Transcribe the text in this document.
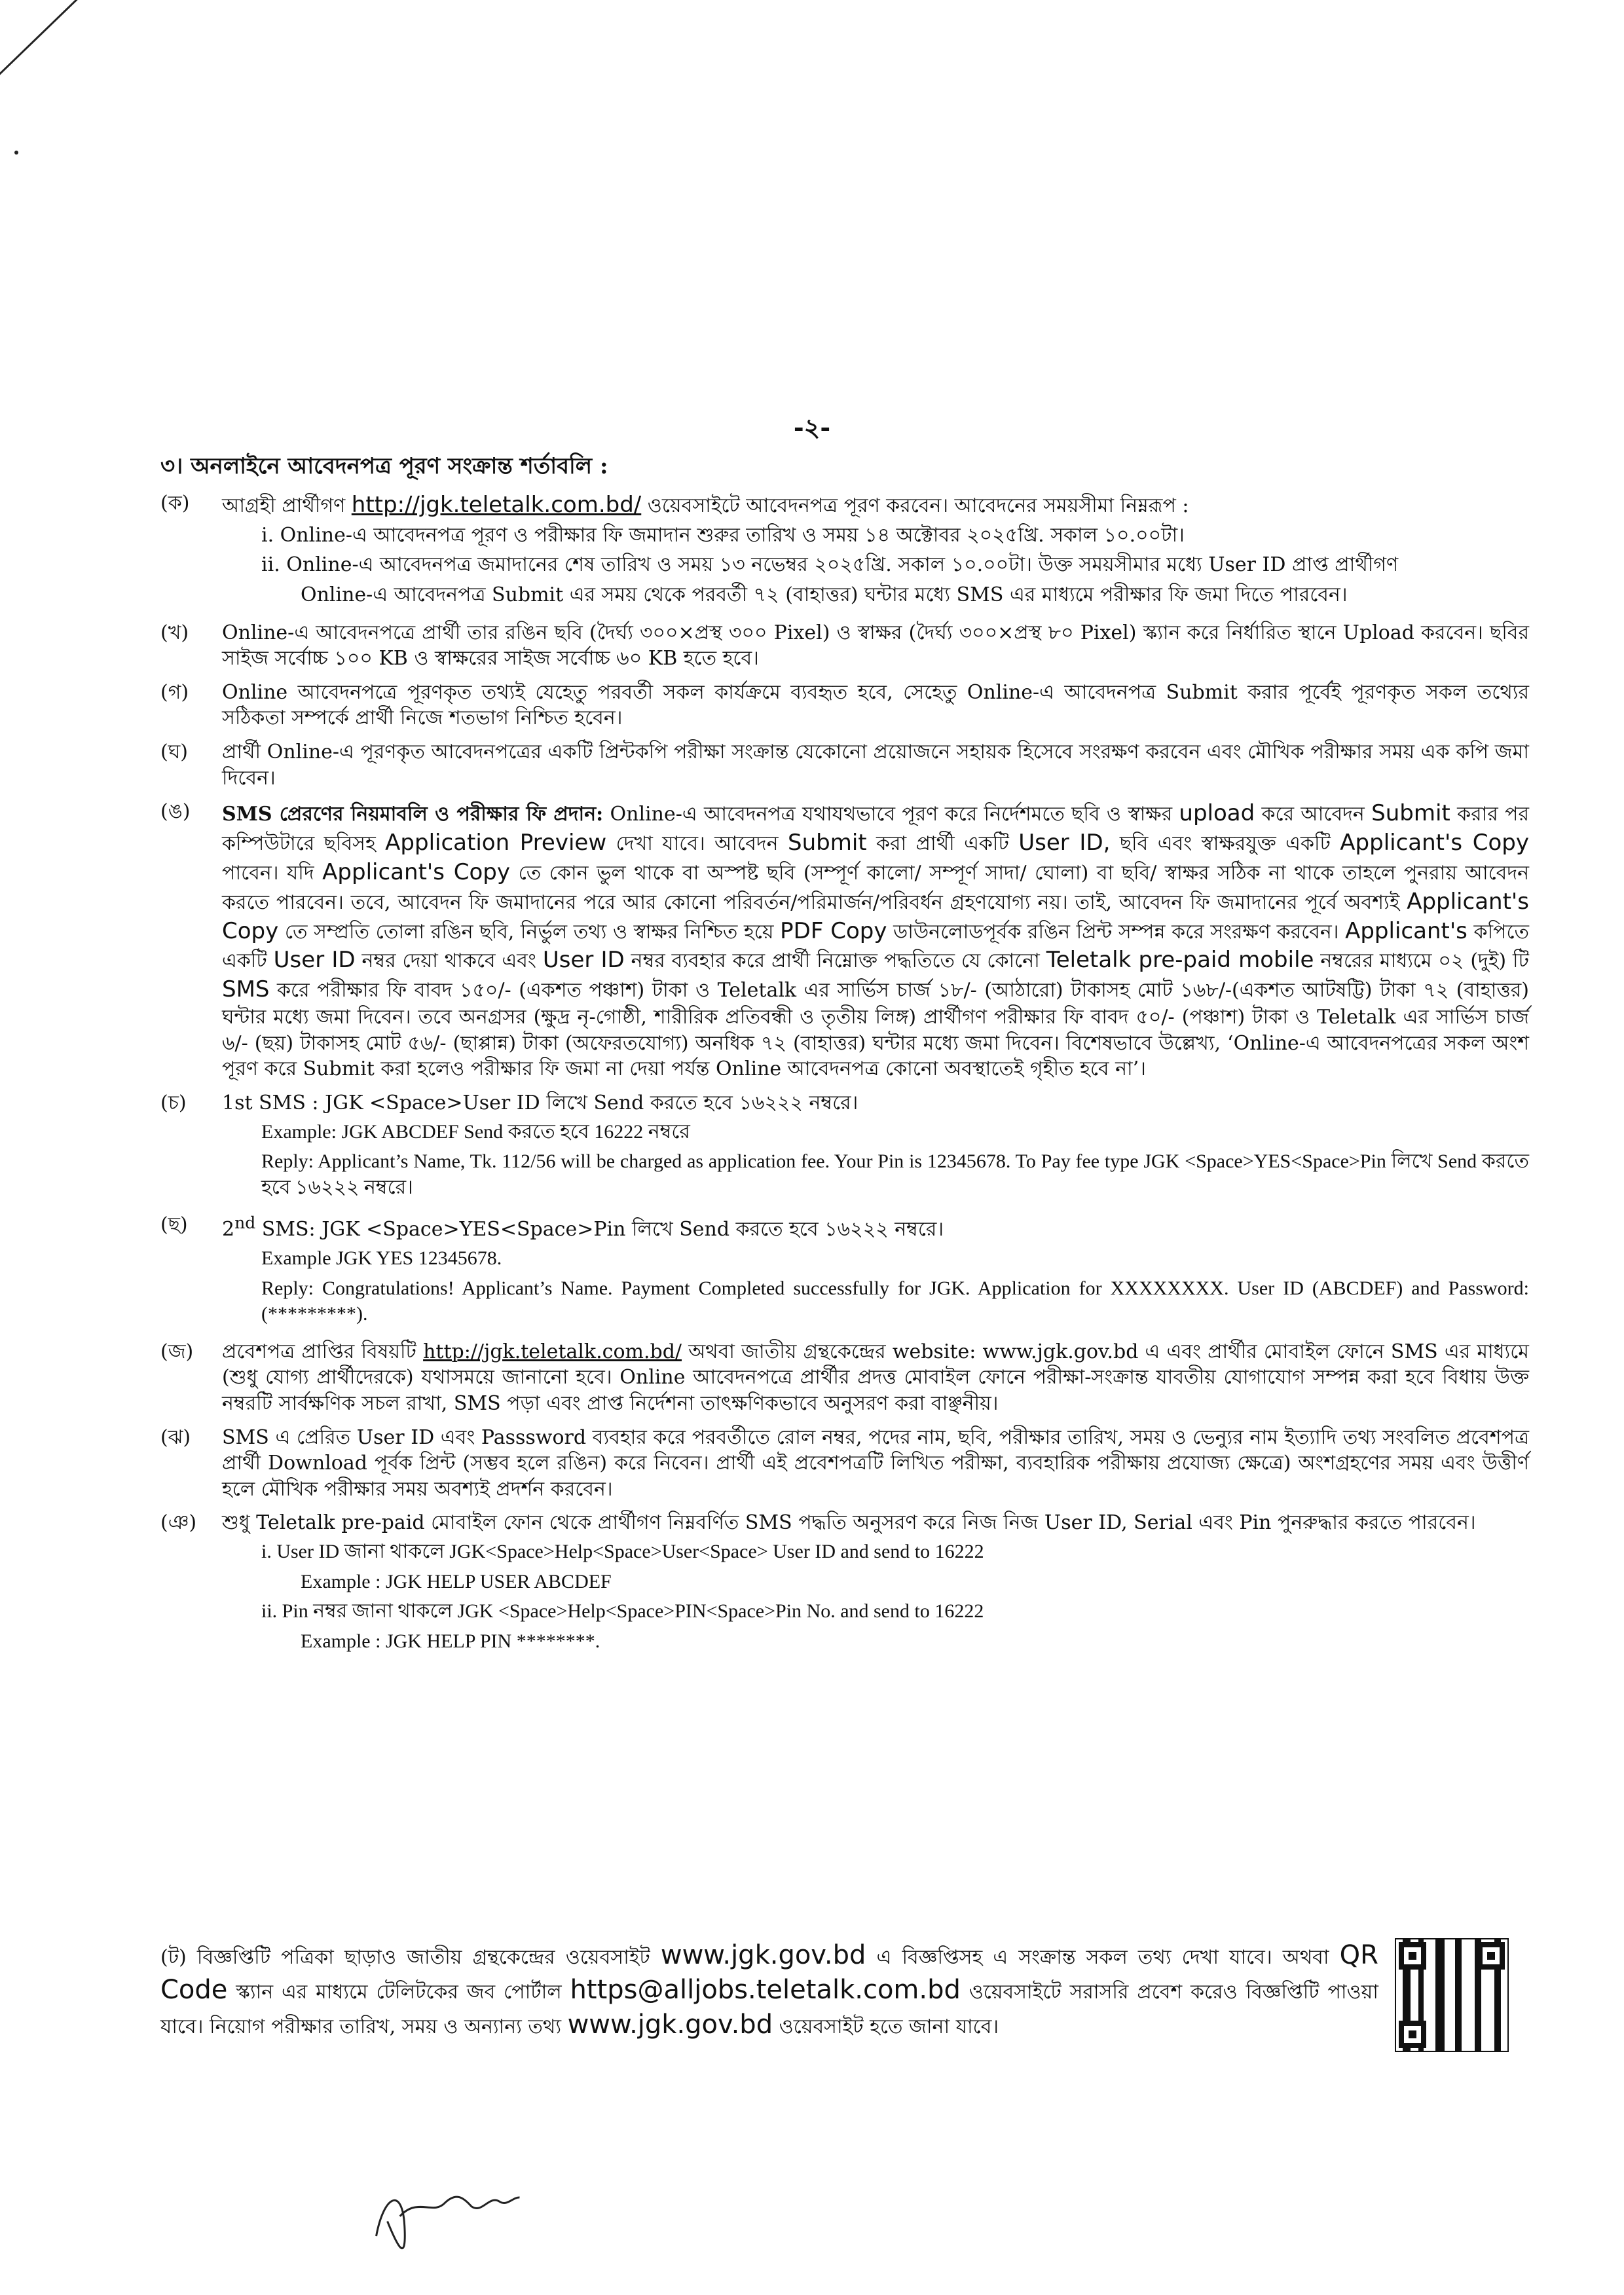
-২-
৩। অনলাইনে আবেদনপত্র পূরণ সংক্রান্ত শর্তাবলি :
(ক)	আগ্রহী প্রার্থীগণ http://jgk.teletalk.com.bd/ ওয়েবসাইটে আবেদনপত্র পূরণ করবেন। আবেদনের সময়সীমা নিম্নরূপ :
i. Online-এ আবেদনপত্র পূরণ ও পরীক্ষার ফি জমাদান শুরুর তারিখ ও সময় ১৪ অক্টোবর ২০২৫খ্রি. সকাল ১০.০০টা।
ii. Online-এ আবেদনপত্র জমাদানের শেষ তারিখ ও সময় ১৩ নভেম্বর ২০২৫খ্রি. সকাল ১০.০০টা। উক্ত সময়সীমার মধ্যে User ID প্রাপ্ত প্রার্থীগণ
Online-এ আবেদনপত্র Submit এর সময় থেকে পরবর্তী ৭২ (বাহাত্তর) ঘন্টার মধ্যে SMS এর মাধ্যমে পরীক্ষার ফি জমা দিতে পারবেন।
(খ)	Online-এ আবেদনপত্রে প্রার্থী তার রঙিন ছবি (দৈর্ঘ্য ৩০০×প্রস্থ ৩০০ Pixel) ও স্বাক্ষর (দৈর্ঘ্য ৩০০×প্রস্থ ৮০ Pixel) স্ক্যান করে নির্ধারিত স্থানে Upload করবেন। ছবির সাইজ সর্বোচ্চ ১০০ KB ও স্বাক্ষরের সাইজ সর্বোচ্চ ৬০ KB হতে হবে।
(গ)	Online আবেদনপত্রে পূরণকৃত তথ্যই যেহেতু পরবর্তী সকল কার্যক্রমে ব্যবহৃত হবে, সেহেতু Online-এ আবেদনপত্র Submit করার পূর্বেই পূরণকৃত সকল তথ্যের সঠিকতা সম্পর্কে প্রার্থী নিজে শতভাগ নিশ্চিত হবেন।
(ঘ)	প্রার্থী Online-এ পূরণকৃত আবেদনপত্রের একটি প্রিন্টকপি পরীক্ষা সংক্রান্ত যেকোনো প্রয়োজনে সহায়ক হিসেবে সংরক্ষণ করবেন এবং মৌখিক পরীক্ষার সময় এক কপি জমা দিবেন।
(ঙ)	SMS প্রেরণের নিয়মাবলি ও পরীক্ষার ফি প্রদান: Online-এ আবেদনপত্র যথাযথভাবে পূরণ করে নির্দেশমতে ছবি ও স্বাক্ষর upload করে আবেদন Submit করার পর কম্পিউটারে ছবিসহ Application Preview দেখা যাবে। আবেদন Submit করা প্রার্থী একটি User ID, ছবি এবং স্বাক্ষরযুক্ত একটি Applicant's Copy পাবেন। যদি Applicant's Copy তে কোন ভুল থাকে বা অস্পষ্ট ছবি (সম্পূর্ণ কালো/ সম্পূর্ণ সাদা/ ঘোলা) বা ছবি/ স্বাক্ষর সঠিক না থাকে তাহলে পুনরায় আবেদন করতে পারবেন। তবে, আবেদন ফি জমাদানের পরে আর কোনো পরিবর্তন/পরিমার্জন/পরিবর্ধন গ্রহণযোগ্য নয়। তাই, আবেদন ফি জমাদানের পূর্বে অবশ্যই Applicant's Copy তে সম্প্রতি তোলা রঙিন ছবি, নির্ভুল তথ্য ও স্বাক্ষর নিশ্চিত হয়ে PDF Copy ডাউনলোডপূর্বক রঙিন প্রিন্ট সম্পন্ন করে সংরক্ষণ করবেন। Applicant's কপিতে একটি User ID নম্বর দেয়া থাকবে এবং User ID নম্বর ব্যবহার করে প্রার্থী নিম্নোক্ত পদ্ধতিতে যে কোনো Teletalk pre-paid mobile নম্বরের মাধ্যমে ০২ (দুই) টি SMS করে পরীক্ষার ফি বাবদ ১৫০/- (একশত পঞ্চাশ) টাকা ও Teletalk এর সার্ভিস চার্জ ১৮/- (আঠারো) টাকাসহ মোট ১৬৮/-(একশত আটষট্টি) টাকা ৭২ (বাহাত্তর) ঘন্টার মধ্যে জমা দিবেন। তবে অনগ্রসর (ক্ষুদ্র নৃ-গোষ্ঠী, শারীরিক প্রতিবন্ধী ও তৃতীয় লিঙ্গ) প্রার্থীগণ পরীক্ষার ফি বাবদ ৫০/- (পঞ্চাশ) টাকা ও Teletalk এর সার্ভিস চার্জ ৬/- (ছয়) টাকাসহ মোট ৫৬/- (ছাপ্পান্ন) টাকা (অফেরতযোগ্য) অনধিক ৭২ (বাহাত্তর) ঘন্টার মধ্যে জমা দিবেন। বিশেষভাবে উল্লেখ্য, ‘Online-এ আবেদনপত্রের সকল অংশ পূরণ করে Submit করা হলেও পরীক্ষার ফি জমা না দেয়া পর্যন্ত Online আবেদনপত্র কোনো অবস্থাতেই গৃহীত হবে না’।
(চ)	1st SMS : JGK <Space>User ID লিখে Send করতে হবে ১৬২২২ নম্বরে।
Example: JGK ABCDEF Send করতে হবে 16222 নম্বরে
Reply: Applicant’s Name, Tk. 112/56 will be charged as application fee. Your Pin is 12345678. To Pay fee type JGK <Space>YES<Space>Pin লিখে Send করতে হবে ১৬২২২ নম্বরে।
(ছ)	2nd SMS: JGK <Space>YES<Space>Pin লিখে Send করতে হবে ১৬২২২ নম্বরে।
Example JGK YES 12345678.
Reply: Congratulations! Applicant’s Name. Payment Completed successfully for JGK. Application for XXXXXXXX. User ID (ABCDEF) and Password: (*********).
(জ)	প্রবেশপত্র প্রাপ্তির বিষয়টি http://jgk.teletalk.com.bd/ অথবা জাতীয় গ্রন্থকেন্দ্রের website: www.jgk.gov.bd এ এবং প্রার্থীর মোবাইল ফোনে SMS এর মাধ্যমে (শুধু যোগ্য প্রার্থীদেরকে) যথাসময়ে জানানো হবে। Online আবেদনপত্রে প্রার্থীর প্রদত্ত মোবাইল ফোনে পরীক্ষা-সংক্রান্ত যাবতীয় যোগাযোগ সম্পন্ন করা হবে বিধায় উক্ত নম্বরটি সার্বক্ষণিক সচল রাখা, SMS পড়া এবং প্রাপ্ত নির্দেশনা তাৎক্ষণিকভাবে অনুসরণ করা বাঞ্ছনীয়।
(ঝ)	SMS এ প্রেরিত User ID এবং Passsword ব্যবহার করে পরবর্তীতে রোল নম্বর, পদের নাম, ছবি, পরীক্ষার তারিখ, সময় ও ভেন্যুর নাম ইত্যাদি তথ্য সংবলিত প্রবেশপত্র প্রার্থী Download পূর্বক প্রিন্ট (সম্ভব হলে রঙিন) করে নিবেন। প্রার্থী এই প্রবেশপত্রটি লিখিত পরীক্ষা, ব্যবহারিক পরীক্ষায় প্রযোজ্য ক্ষেত্রে) অংশগ্রহণের সময় এবং উত্তীর্ণ হলে মৌখিক পরীক্ষার সময় অবশ্যই প্রদর্শন করবেন।
(ঞ)	শুধু Teletalk pre-paid মোবাইল ফোন থেকে প্রার্থীগণ নিম্নবর্ণিত SMS পদ্ধতি অনুসরণ করে নিজ নিজ User ID, Serial এবং Pin পুনরুদ্ধার করতে পারবেন।
i. User ID জানা থাকলে JGK<Space>Help<Space>User<Space> User ID and send to 16222
Example : JGK HELP USER ABCDEF
ii. Pin নম্বর জানা থাকলে JGK <Space>Help<Space>PIN<Space>Pin No. and send to 16222
Example : JGK HELP PIN ********.
(ট) বিজ্ঞপ্তিটি পত্রিকা ছাড়াও জাতীয় গ্রন্থকেন্দ্রের ওয়েবসাইট www.jgk.gov.bd এ বিজ্ঞপ্তিসহ এ সংক্রান্ত সকল তথ্য দেখা যাবে। অথবা QR Code স্ক্যান এর মাধ্যমে টেলিটকের জব পোর্টাল https@alljobs.teletalk.com.bd ওয়েবসাইটে সরাসরি প্রবেশ করেও বিজ্ঞপ্তিটি পাওয়া যাবে। নিয়োগ পরীক্ষার তারিখ, সময় ও অন্যান্য তথ্য www.jgk.gov.bd ওয়েবসাইট হতে জানা যাবে।
